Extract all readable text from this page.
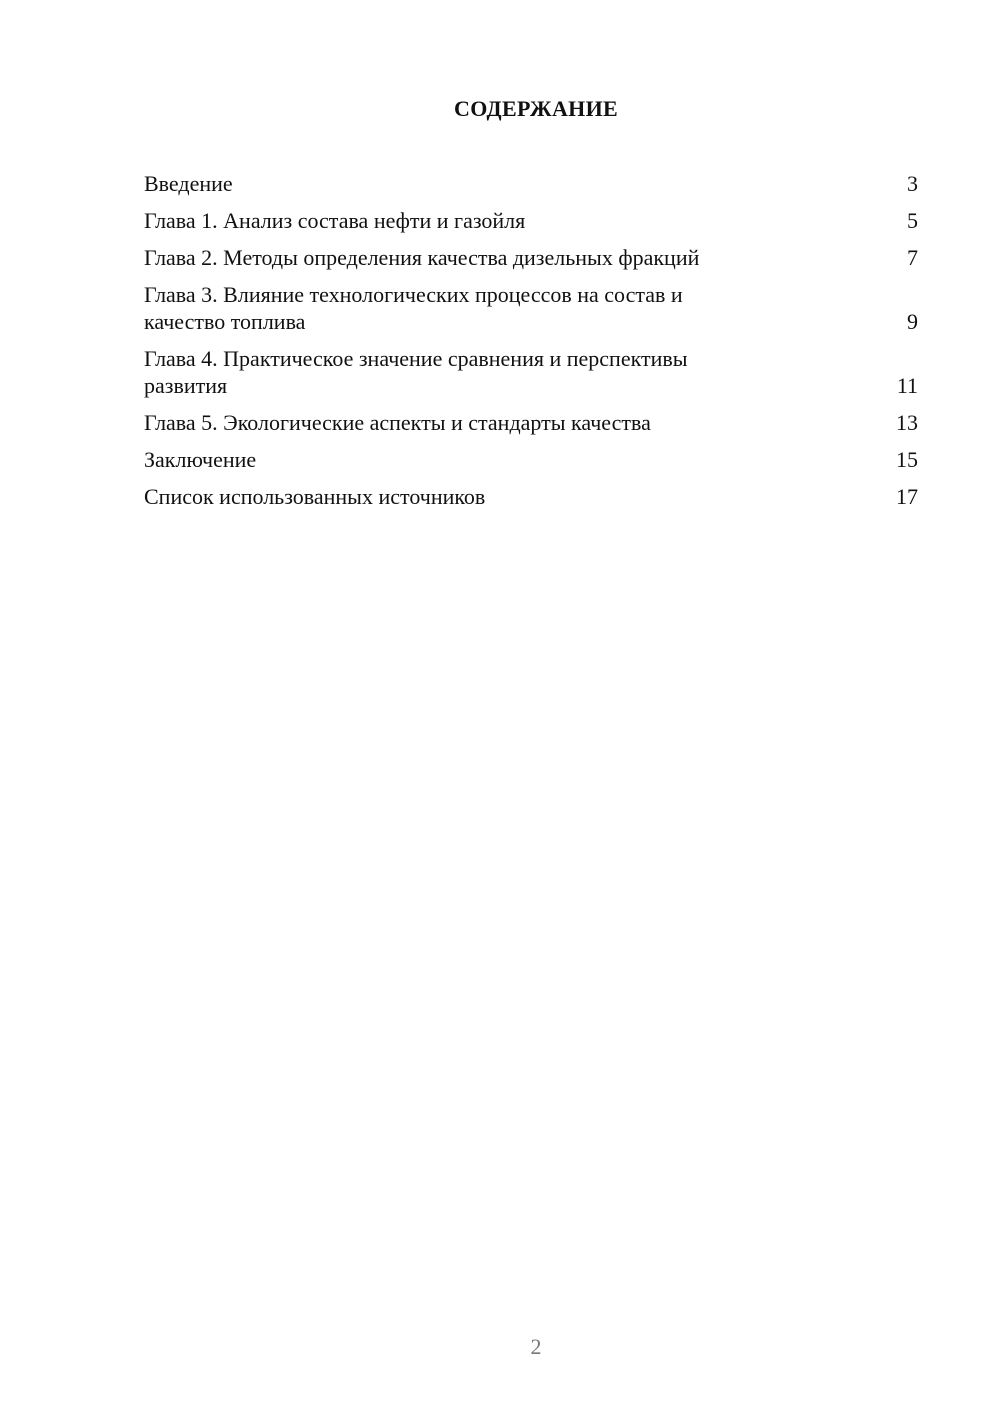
СОДЕРЖАНИЕ
Введение	3
Глава 1. Анализ состава нефти и газойля	5
Глава 2. Методы определения качества дизельных фракций	7
Глава 3. Влияние технологических процессов на состав и качество топлива	9
Глава 4. Практическое значение сравнения и перспективы развития	11
Глава 5. Экологические аспекты и стандарты качества	13
Заключение	15
Список использованных источников	17
2
